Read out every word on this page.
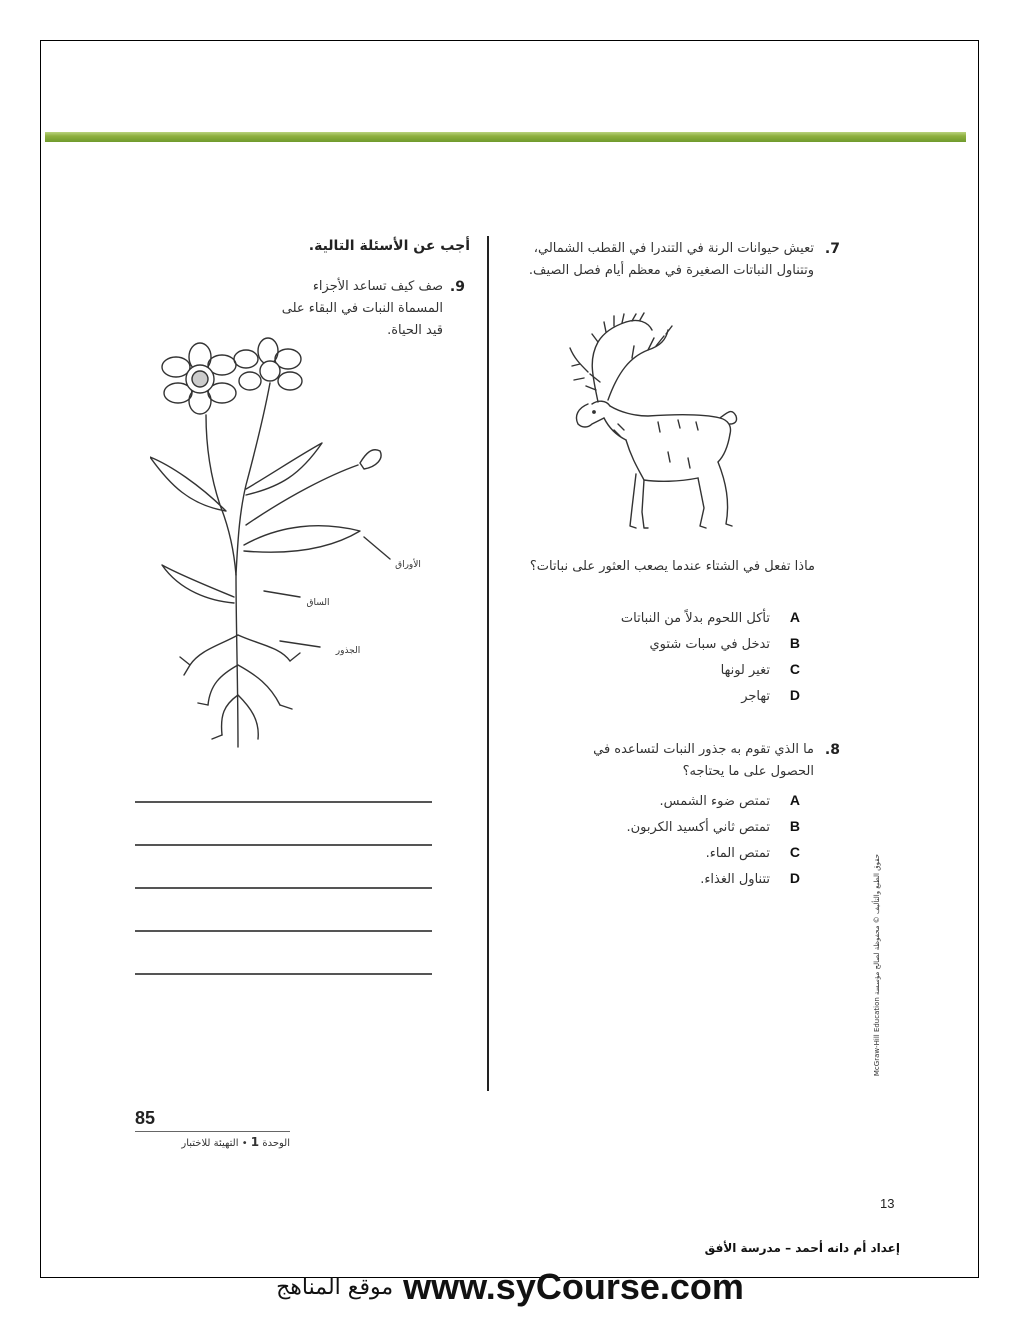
7.
تعيش حيوانات الرنة في التندرا في القطب الشمالي، وتتناول النباتات الصغيرة في معظم أيام فصل الصيف.
ماذا تفعل في الشتاء عندما يصعب العثور على نباتات؟
Aتأكل اللحوم بدلاً من النباتات
Bتدخل في سبات شتوي
Cتغير لونها
Dتهاجر
8.
ما الذي تقوم به جذور النبات لتساعده في الحصول على ما يحتاجه؟
Aتمتص ضوء الشمس.
Bتمتص ثاني أكسيد الكربون.
Cتمتص الماء.
Dتتناول الغذاء.
حقوق الطبع والتأليف © محفوظة لصالح مؤسسة McGraw-Hill Education
أجب عن الأسئلة التالية.
9.
صف كيف تساعد الأجزاء المسماة النبات في البقاء على قيد الحياة.
الأوراق
الساق
الجذور
85
الوحدة 1 • التهيئة للاختبار
13
إعداد أم دانه أحمد – مدرسة الأفق
موقع المناهج www.syCourse.com
